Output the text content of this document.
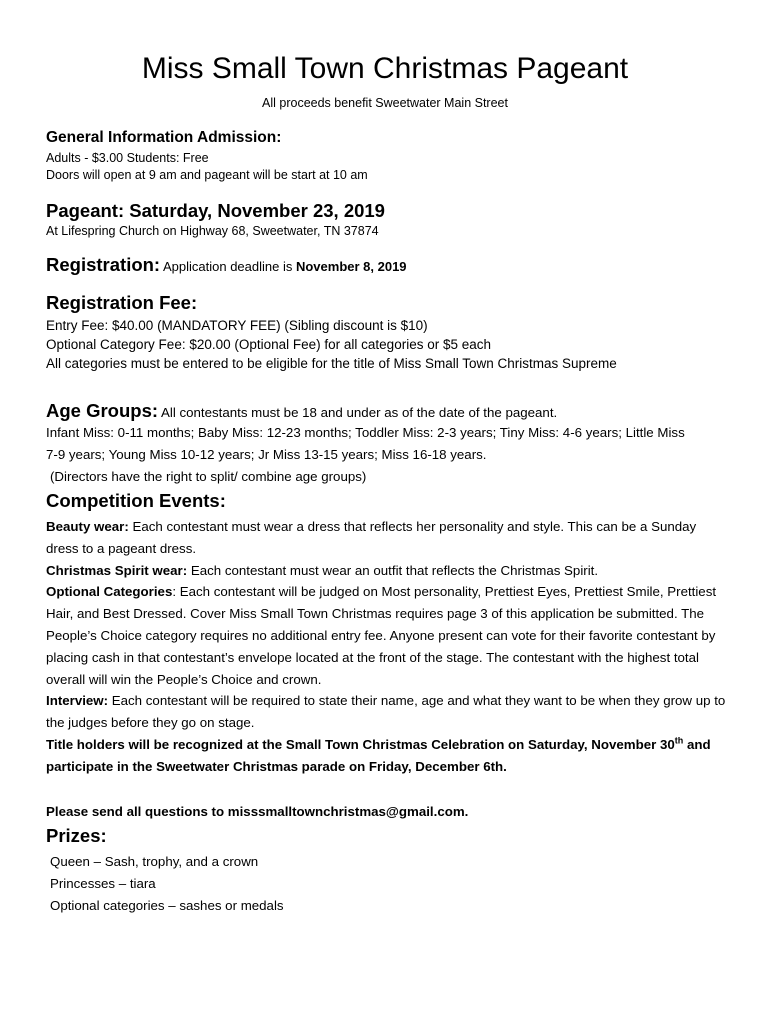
Miss Small Town Christmas Pageant
All proceeds benefit Sweetwater Main Street
General Information Admission:
Adults - $3.00 Students: Free
Doors will open at 9 am and pageant will be start at 10 am
Pageant: Saturday, November 23, 2019
At Lifespring Church on Highway 68, Sweetwater, TN 37874
Registration: Application deadline is November 8, 2019
Registration Fee:
Entry Fee: $40.00 (MANDATORY FEE) (Sibling discount is $10)
Optional Category Fee: $20.00 (Optional Fee) for all categories or $5 each
All categories must be entered to be eligible for the title of Miss Small Town Christmas Supreme
Age Groups: All contestants must be 18 and under as of the date of the pageant.
Infant Miss: 0-11 months; Baby Miss: 12-23 months; Toddler Miss: 2-3 years; Tiny Miss: 4-6 years; Little Miss
7-9 years; Young Miss 10-12 years; Jr Miss 13-15 years; Miss 16-18 years.
(Directors have the right to split/ combine age groups)
Competition Events:
Beauty wear: Each contestant must wear a dress that reflects her personality and style. This can be a Sunday dress to a pageant dress.
Christmas Spirit wear: Each contestant must wear an outfit that reflects the Christmas Spirit.
Optional Categories: Each contestant will be judged on Most personality, Prettiest Eyes, Prettiest Smile, Prettiest Hair, and Best Dressed. Cover Miss Small Town Christmas requires page 3 of this application be submitted. The People’s Choice category requires no additional entry fee. Anyone present can vote for their favorite contestant by placing cash in that contestant’s envelope located at the front of the stage. The contestant with the highest total overall will win the People’s Choice and crown.
Interview: Each contestant will be required to state their name, age and what they want to be when they grow up to the judges before they go on stage.
Title holders will be recognized at the Small Town Christmas Celebration on Saturday, November 30th and participate in the Sweetwater Christmas parade on Friday, December 6th.
Please send all questions to misssmalltownchristmas@gmail.com.
Prizes:
Queen – Sash, trophy, and a crown
Princesses – tiara
Optional categories – sashes or medals
